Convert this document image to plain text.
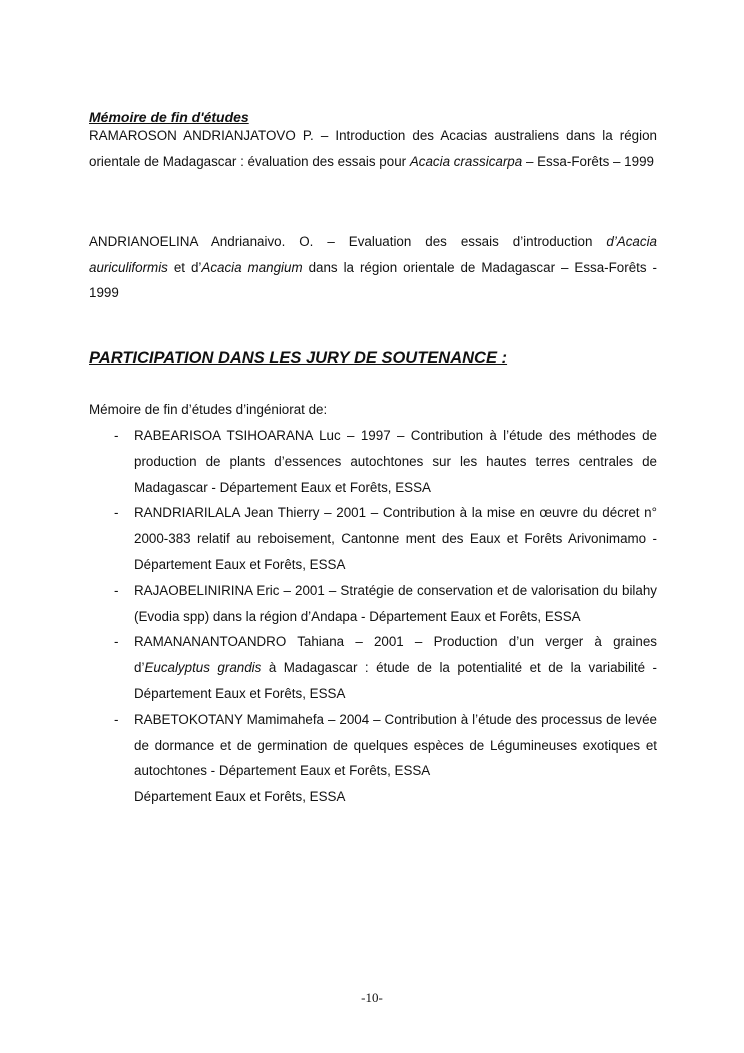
Mémoire de fin d'études
RAMAROSON ANDRIANJATOVO P. – Introduction des Acacias australiens dans la région orientale de Madagascar : évaluation des essais pour Acacia crassicarpa – Essa-Forêts – 1999
ANDRIANOELINA Andrianaivo. O. – Evaluation des essais d’introduction d’Acacia auriculiformis et d’Acacia mangium dans la région orientale de Madagascar – Essa-Forêts - 1999
PARTICIPATION DANS LES JURY DE SOUTENANCE :
Mémoire de fin d’études d’ingéniorat de:
- RABEARISOA TSIHOARANA Luc – 1997 – Contribution à l’étude des méthodes de production de plants d’essences autochtones sur les hautes terres centrales de Madagascar - Département Eaux et Forêts, ESSA
- RANDRIARILALA Jean Thierry – 2001 – Contribution à la mise en œuvre du décret n° 2000-383 relatif au reboisement, Cantonne ment des Eaux et Forêts Arivonimamo - Département Eaux et Forêts, ESSA
- RAJAOBELINIRINA Eric – 2001 – Stratégie de conservation et de valorisation du bilahy (Evodia spp) dans la région d’Andapa - Département Eaux et Forêts, ESSA
- RAMANANANTOANDRO Tahiana – 2001 – Production d’un verger à graines d’Eucalyptus grandis à Madagascar : étude de la potentialité et de la variabilité - Département Eaux et Forêts, ESSA
- RABETOKOTANY Mamimahefa – 2004 – Contribution à l’étude des processus de levée de dormance et de germination de quelques espèces de Légumineuses exotiques et autochtones - Département Eaux et Forêts, ESSA
Département Eaux et Forêts, ESSA
-10-
